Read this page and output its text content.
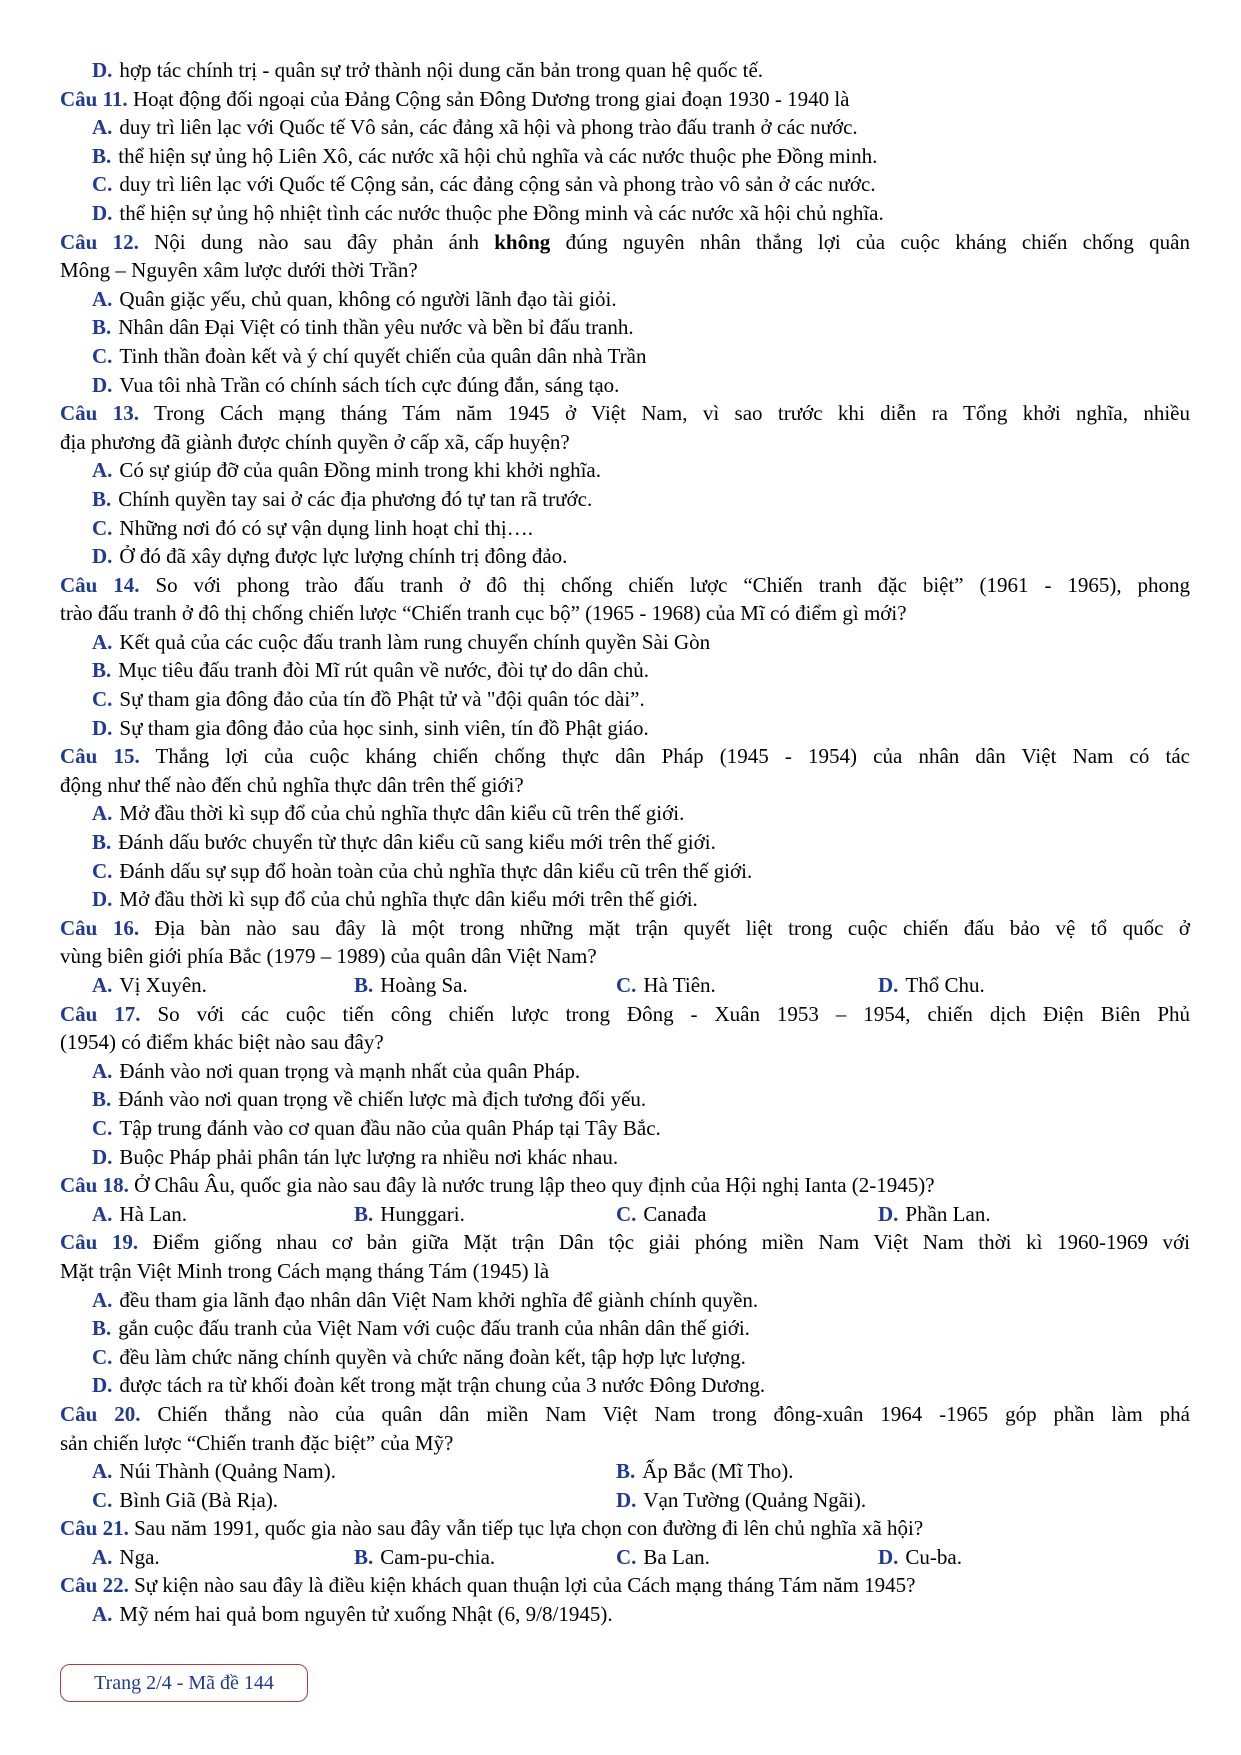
D. hợp tác chính trị - quân sự trở thành nội dung căn bản trong quan hệ quốc tế.
Câu 11. Hoạt động đối ngoại của Đảng Cộng sản Đông Dương trong giai đoạn 1930 - 1940 là
A. duy trì liên lạc với Quốc tế Vô sản, các đảng xã hội và phong trào đấu tranh ở các nước.
B. thể hiện sự ủng hộ Liên Xô, các nước xã hội chủ nghĩa và các nước thuộc phe Đồng minh.
C. duy trì liên lạc với Quốc tế Cộng sản, các đảng cộng sản và phong trào vô sản ở các nước.
D. thể hiện sự ủng hộ nhiệt tình các nước thuộc phe Đồng minh và các nước xã hội chủ nghĩa.
Câu 12. Nội dung nào sau đây phản ánh không đúng nguyên nhân thắng lợi của cuộc kháng chiến chống quân
Mông – Nguyên xâm lược dưới thời Trần?
A. Quân giặc yếu, chủ quan, không có người lãnh đạo tài giỏi.
B. Nhân dân Đại Việt có tinh thần yêu nước và bền bỉ đấu tranh.
C. Tinh thần đoàn kết và ý chí quyết chiến của quân dân nhà Trần
D. Vua tôi nhà Trần có chính sách tích cực đúng đắn, sáng tạo.
Câu 13. Trong Cách mạng tháng Tám năm 1945 ở Việt Nam, vì sao trước khi diễn ra Tổng khởi nghĩa, nhiều
địa phương đã giành được chính quyền ở cấp xã, cấp huyện?
A. Có sự giúp đỡ của quân Đồng minh trong khi khởi nghĩa.
B. Chính quyền tay sai ở các địa phương đó tự tan rã trước.
C. Những nơi đó có sự vận dụng linh hoạt chỉ thị….
D. Ở đó đã xây dựng được lực lượng chính trị đông đảo.
Câu 14. So với phong trào đấu tranh ở đô thị chống chiến lược “Chiến tranh đặc biệt” (1961 - 1965), phong
trào đấu tranh ở đô thị chống chiến lược “Chiến tranh cục bộ” (1965 - 1968) của Mĩ có điểm gì mới?
A. Kết quả của các cuộc đấu tranh làm rung chuyển chính quyền Sài Gòn
B. Mục tiêu đấu tranh đòi Mĩ rút quân về nước, đòi tự do dân chủ.
C. Sự tham gia đông đảo của tín đồ Phật tử và "đội quân tóc dài”.
D. Sự tham gia đông đảo của học sinh, sinh viên, tín đồ Phật giáo.
Câu 15. Thắng lợi của cuộc kháng chiến chống thực dân Pháp (1945 - 1954) của nhân dân Việt Nam có tác
động như thế nào đến chủ nghĩa thực dân trên thế giới?
A. Mở đầu thời kì sụp đổ của chủ nghĩa thực dân kiểu cũ trên thế giới.
B. Đánh dấu bước chuyển từ thực dân kiểu cũ sang kiểu mới trên thế giới.
C. Đánh dấu sự sụp đổ hoàn toàn của chủ nghĩa thực dân kiểu cũ trên thế giới.
D. Mở đầu thời kì sụp đổ của chủ nghĩa thực dân kiểu mới trên thế giới.
Câu 16. Địa bàn nào sau đây là một trong những mặt trận quyết liệt trong cuộc chiến đấu bảo vệ tổ quốc ở
vùng biên giới phía Bắc (1979 – 1989) của quân dân Việt Nam?
A. Vị Xuyên.	B. Hoàng Sa.	C. Hà Tiên.	D. Thổ Chu.
Câu 17. So với các cuộc tiến công chiến lược trong Đông - Xuân 1953 – 1954, chiến dịch Điện Biên Phủ
(1954) có điểm khác biệt nào sau đây?
A. Đánh vào nơi quan trọng và mạnh nhất của quân Pháp.
B. Đánh vào nơi quan trọng về chiến lược mà địch tương đối yếu.
C. Tập trung đánh vào cơ quan đầu não của quân Pháp tại Tây Bắc.
D. Buộc Pháp phải phân tán lực lượng ra nhiều nơi khác nhau.
Câu 18. Ở Châu Âu, quốc gia nào sau đây là nước trung lập theo quy định của Hội nghị Ianta (2-1945)?
A. Hà Lan.	B. Hunggari.	C. Canađa	D. Phần Lan.
Câu 19. Điểm giống nhau cơ bản giữa Mặt trận Dân tộc giải phóng miền Nam Việt Nam thời kì 1960-1969 với
Mặt trận Việt Minh trong Cách mạng tháng Tám (1945) là
A. đều tham gia lãnh đạo nhân dân Việt Nam khởi nghĩa để giành chính quyền.
B. gắn cuộc đấu tranh của Việt Nam với cuộc đấu tranh của nhân dân thế giới.
C. đều làm chức năng chính quyền và chức năng đoàn kết, tập hợp lực lượng.
D. được tách ra từ khối đoàn kết trong mặt trận chung của 3 nước Đông Dương.
Câu 20. Chiến thắng nào của quân dân miền Nam Việt Nam trong đông-xuân 1964 -1965 góp phần làm phá
sản chiến lược “Chiến tranh đặc biệt” của Mỹ?
A. Núi Thành (Quảng Nam).	B. Ấp Bắc (Mĩ Tho).
C. Bình Giã (Bà Rịa).	D. Vạn Tường (Quảng Ngãi).
Câu 21. Sau năm 1991, quốc gia nào sau đây vẫn tiếp tục lựa chọn con đường đi lên chủ nghĩa xã hội?
A. Nga.	B. Cam-pu-chia.	C. Ba Lan.	D. Cu-ba.
Câu 22. Sự kiện nào sau đây là điều kiện khách quan thuận lợi của Cách mạng tháng Tám năm 1945?
A. Mỹ ném hai quả bom nguyên tử xuống Nhật (6, 9/8/1945).
Trang 2/4 - Mã đề 144
